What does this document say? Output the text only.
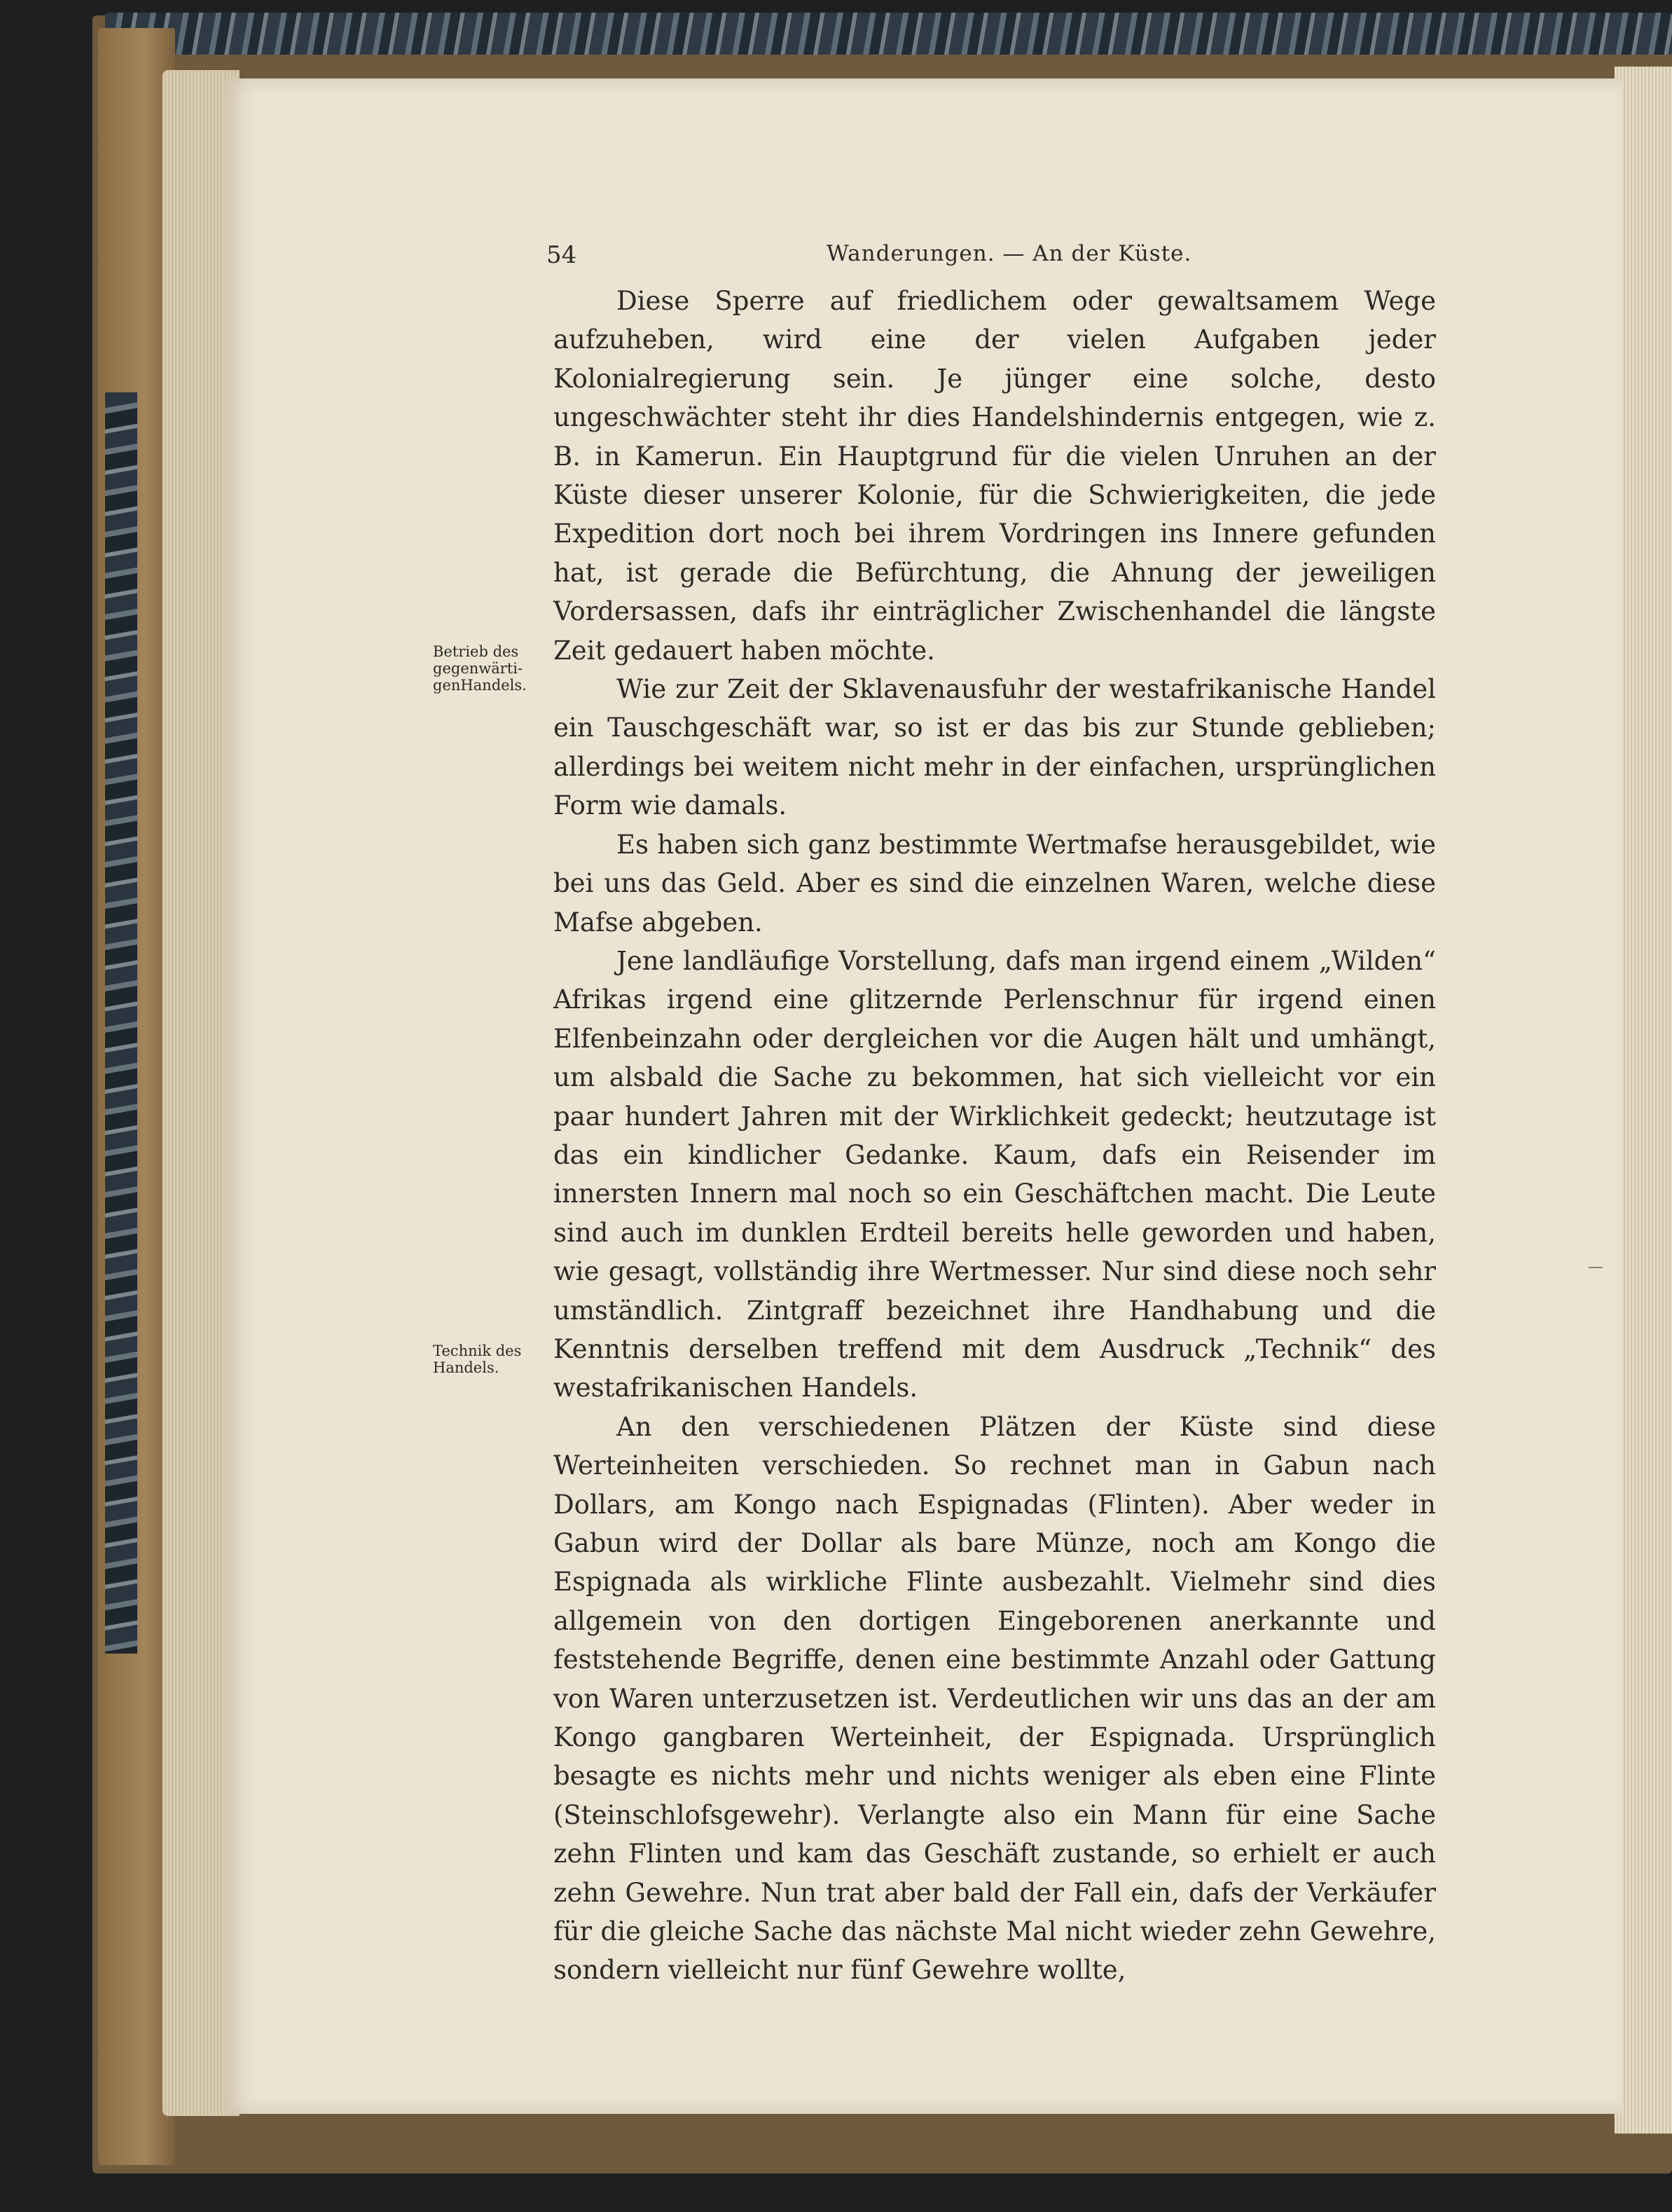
54	Wanderungen. — An der Küste.
Betrieb des
gegenwärti-
genHandels.
Technik des
Handels.

Diese Sperre auf friedlichem oder gewaltsamem Wege aufzuheben, wird eine der vielen Aufgaben jeder Kolonialregierung sein. Je jünger eine solche, desto ungeschwächter steht ihr dies Handelshindernis entgegen, wie z. B. in Kamerun. Ein Hauptgrund für die vielen Unruhen an der Küste dieser unserer Kolonie, für die Schwierigkeiten, die jede Expedition dort noch bei ihrem Vordringen ins Innere gefunden hat, ist gerade die Befürchtung, die Ahnung der jeweiligen Vordersassen, dafs ihr einträglicher Zwischenhandel die längste Zeit gedauert haben möchte.

Wie zur Zeit der Sklavenausfuhr der westafrikanische Handel ein Tauschgeschäft war, so ist er das bis zur Stunde geblieben; allerdings bei weitem nicht mehr in der einfachen, ursprünglichen Form wie damals.

Es haben sich ganz bestimmte Wertmafse herausgebildet, wie bei uns das Geld. Aber es sind die einzelnen Waren, welche diese Mafse abgeben.

Jene landläufige Vorstellung, dafs man irgend einem „Wilden“ Afrikas irgend eine glitzernde Perlenschnur für irgend einen Elfenbeinzahn oder dergleichen vor die Augen hält und umhängt, um alsbald die Sache zu bekommen, hat sich vielleicht vor ein paar hundert Jahren mit der Wirklichkeit gedeckt; heutzutage ist das ein kindlicher Gedanke. Kaum, dafs ein Reisender im innersten Innern mal noch so ein Geschäftchen macht. Die Leute sind auch im dunklen Erdteil bereits helle geworden und haben, wie gesagt, vollständig ihre Wertmesser. Nur sind diese noch sehr umständlich. Zintgraff bezeichnet ihre Handhabung und die Kenntnis derselben treffend mit dem Ausdruck „Technik“ des westafrikanischen Handels.

An den verschiedenen Plätzen der Küste sind diese Werteinheiten verschieden. So rechnet man in Gabun nach Dollars, am Kongo nach Espignadas (Flinten). Aber weder in Gabun wird der Dollar als bare Münze, noch am Kongo die Espignada als wirkliche Flinte ausbezahlt. Vielmehr sind dies allgemein von den dortigen Eingeborenen anerkannte und feststehende Begriffe, denen eine bestimmte Anzahl oder Gattung von Waren unterzusetzen ist. Verdeutlichen wir uns das an der am Kongo gangbaren Werteinheit, der Espignada. Ursprünglich besagte es nichts mehr und nichts weniger als eben eine Flinte (Steinschlofsgewehr). Verlangte also ein Mann für eine Sache zehn Flinten und kam das Geschäft zustande, so erhielt er auch zehn Gewehre. Nun trat aber bald der Fall ein, dafs der Verkäufer für die gleiche Sache das nächste Mal nicht wieder zehn Gewehre, sondern vielleicht nur fünf Gewehre wollte,
